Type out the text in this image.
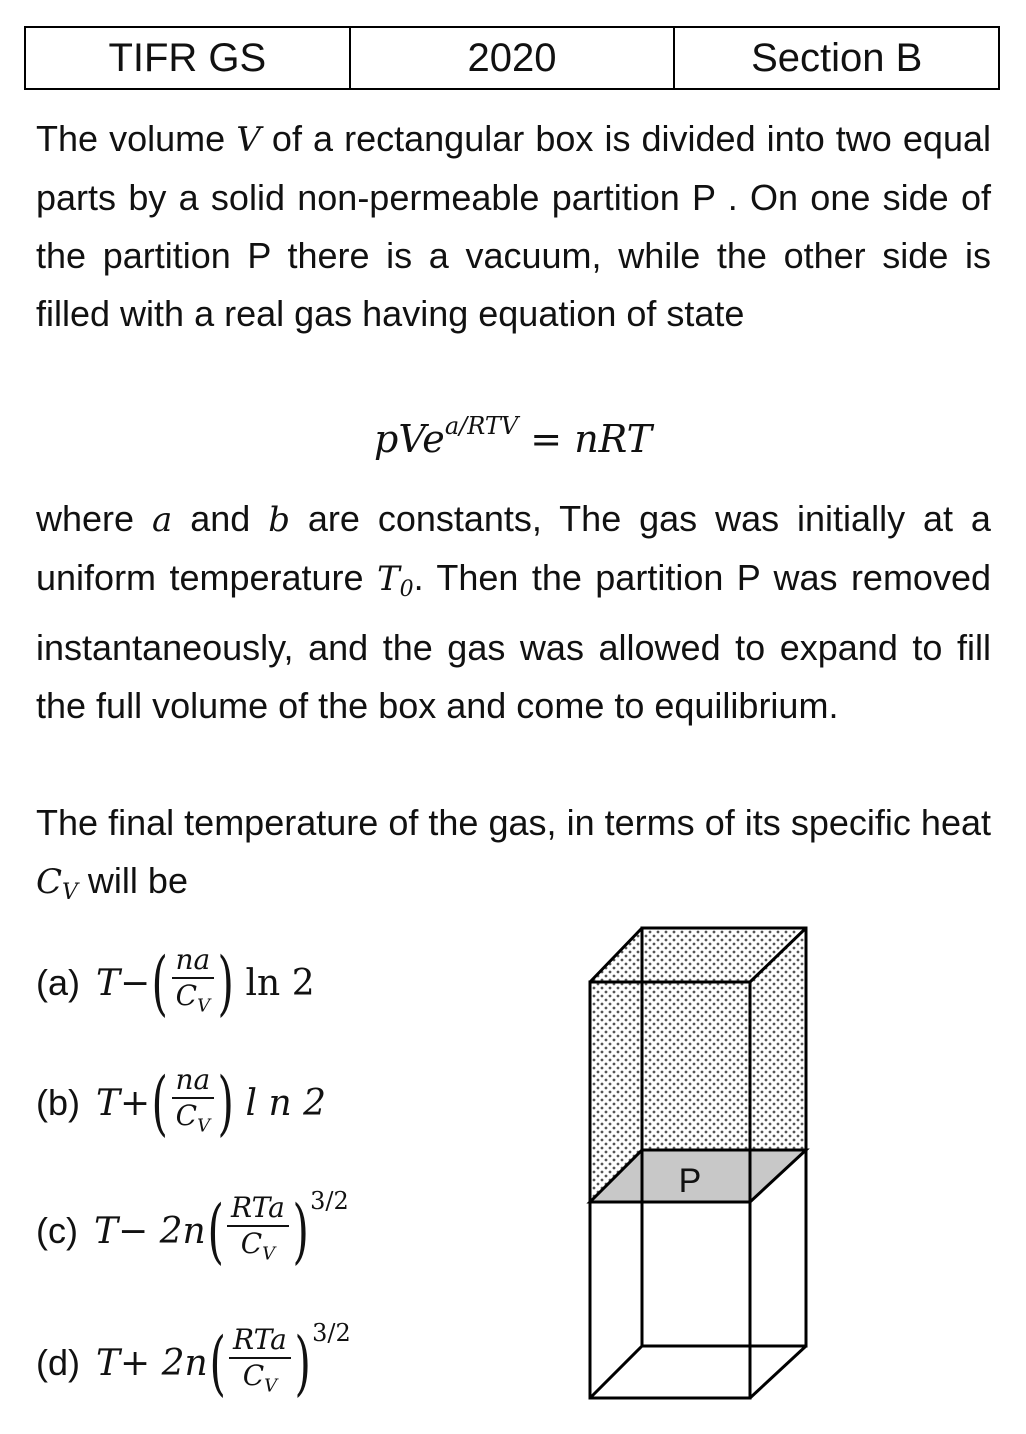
TIFR GS	2020	Section B

The volume V of a rectangular box is divided into two equal parts by a solid non-permeable partition P . On one side of the partition P there is a vacuum, while the other side is filled with a real gas having equation of state

pVe$^{a/RTV}$ = nRT

where a and b are constants, The gas was initially at a uniform temperature $T_0$. Then the partition P was removed instantaneously, and the gas was allowed to expand to fill the full volume of the box and come to equilibrium.

The final temperature of the gas, in terms of its specific heat $C_V$ will be

(a) T − ( $\frac{na}{C_V}$ ) ln 2
(b) T + ( $\frac{na}{C_V}$ ) l n 2
(c) T − 2n ( $\frac{\text{RTa}}{C_V}$ ) 3/2
(d) T + 2n ( $\frac{\text{RTa}}{C_V}$ ) 3/2
P
